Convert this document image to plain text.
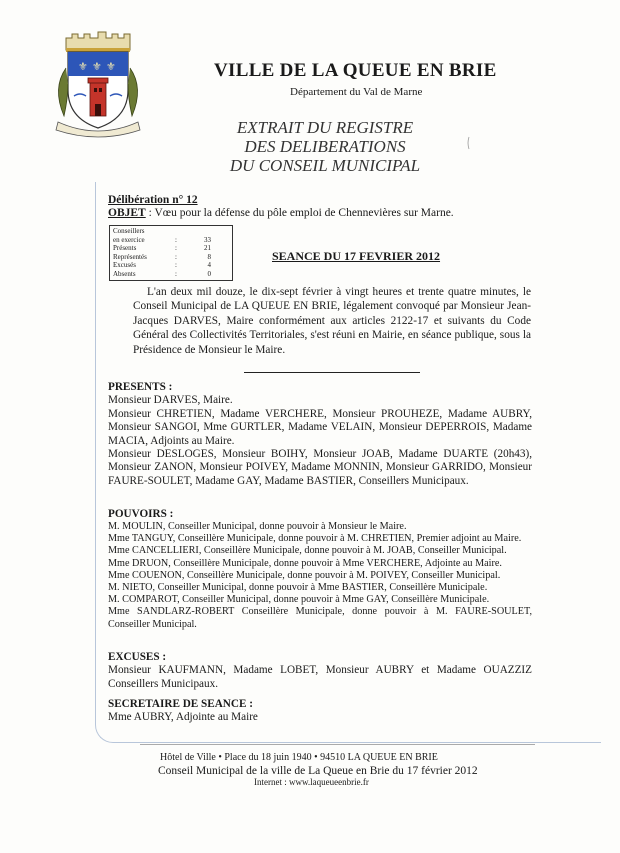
⚜ ⚜ ⚜	VILLE DE LA QUEUE EN BRIE
Département du Val de Marne
EXTRAIT DU REGISTRE
DES DELIBERATIONS
DU CONSEIL MUNICIPAL
Délibération n° 12
OBJET : Vœu pour la défense du pôle emploi de Chennevières sur Marne.
Conseillers
en exercice	:	33
Présents	:	21
Représentés	:	8
Excusés	:	4
Absents	:	0
SEANCE DU 17 FEVRIER 2012
L'an deux mil douze, le dix-sept février à vingt heures et trente quatre minutes, le Conseil Municipal de LA QUEUE EN BRIE, légalement convoqué par Monsieur Jean-Jacques DARVES, Maire conformément aux articles 2122-17 et suivants du Code Général des Collectivités Territoriales, s'est réuni en Mairie, en séance publique, sous la Présidence de Monsieur le Maire.
PRESENTS :

Monsieur DARVES, Maire.

Monsieur CHRETIEN, Madame VERCHERE, Monsieur PROUHEZE, Madame AUBRY, Monsieur SANGOI, Mme GURTLER, Madame VELAIN, Monsieur DEPERROIS, Madame MACIA, Adjoints au Maire.

Monsieur DESLOGES, Monsieur BOIHY, Monsieur JOAB, Madame DUARTE (20h43), Monsieur ZANON, Monsieur POIVEY, Madame MONNIN, Monsieur GARRIDO, Monsieur FAURE-SOULET, Madame GAY, Madame BASTIER, Conseillers Municipaux.

POUVOIRS :

M. MOULIN, Conseiller Municipal, donne pouvoir à Monsieur le Maire.

Mme TANGUY, Conseillère Municipale, donne pouvoir à M. CHRETIEN, Premier adjoint au Maire.

Mme CANCELLIERI, Conseillère Municipale, donne pouvoir à M. JOAB, Conseiller Municipal.

Mme DRUON, Conseillère Municipale, donne pouvoir à Mme VERCHERE, Adjointe au Maire.

Mme COUENON, Conseillère Municipale, donne pouvoir à M. POIVEY, Conseiller Municipal.

M. NIETO, Conseiller Municipal, donne pouvoir à Mme BASTIER, Conseillère Municipale.

M. COMPAROT, Conseiller Municipal, donne pouvoir à Mme GAY, Conseillère Municipale.

Mme SANDLARZ-ROBERT Conseillère Municipale, donne pouvoir à M. FAURE-SOULET, Conseiller Municipal.

EXCUSES :

Monsieur KAUFMANN, Madame LOBET, Monsieur AUBRY et Madame OUAZZIZ Conseillers Municipaux.

SECRETAIRE DE SEANCE :

Mme AUBRY, Adjointe au Maire

Hôtel de Ville • Place du 18 juin 1940 • 94510 LA QUEUE EN BRIE
Conseil Municipal de la ville de La Queue en Brie du 17 février 2012
Internet : www.laqueueenbrie.fr
